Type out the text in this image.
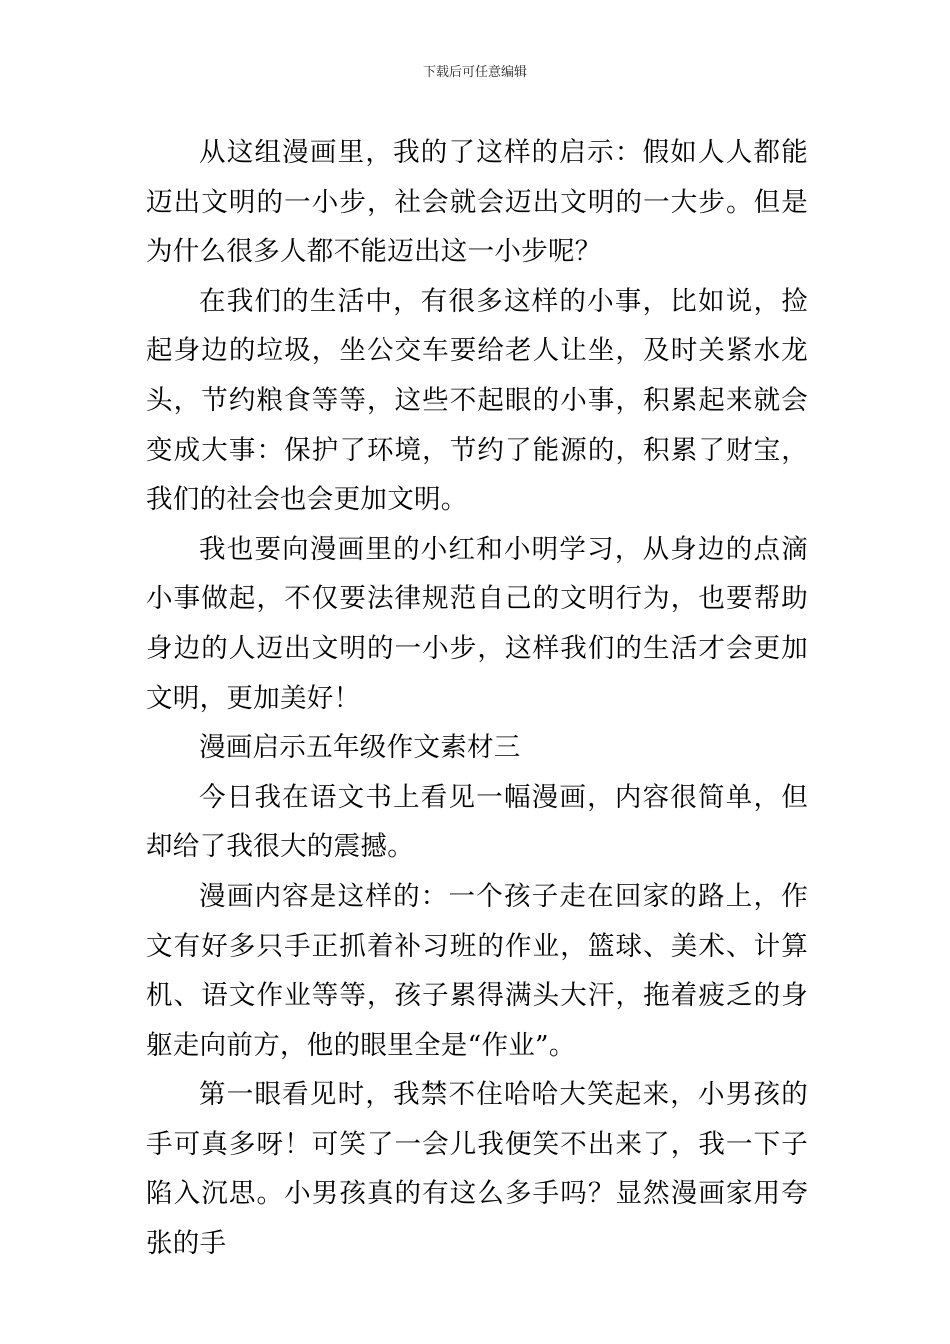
下载后可任意编辑

从这组漫画里，我的了这样的启示：假如人人都能迈出文明的一小步，社会就会迈出文明的一大步。但是为什么很多人都不能迈出这一小步呢？

在我们的生活中，有很多这样的小事，比如说，捡起身边的垃圾，坐公交车要给老人让坐，及时关紧水龙头，节约粮食等等，这些不起眼的小事，积累起来就会变成大事：保护了环境，节约了能源的，积累了财宝，我们的社会也会更加文明。

我也要向漫画里的小红和小明学习，从身边的点滴小事做起，不仅要法律规范自己的文明行为，也要帮助身边的人迈出文明的一小步，这样我们的生活才会更加文明，更加美好！

漫画启示五年级作文素材三

今日我在语文书上看见一幅漫画，内容很简单，但却给了我很大的震撼。

漫画内容是这样的：一个孩子走在回家的路上，作文有好多只手正抓着补习班的作业，篮球、美术、计算机、语文作业等等，孩子累得满头大汗，拖着疲乏的身躯走向前方，他的眼里全是“作业”。

第一眼看见时，我禁不住哈哈大笑起来，小男孩的手可真多呀！可笑了一会儿我便笑不出来了，我一下子陷入沉思。小男孩真的有这么多手吗？显然漫画家用夸张的手
